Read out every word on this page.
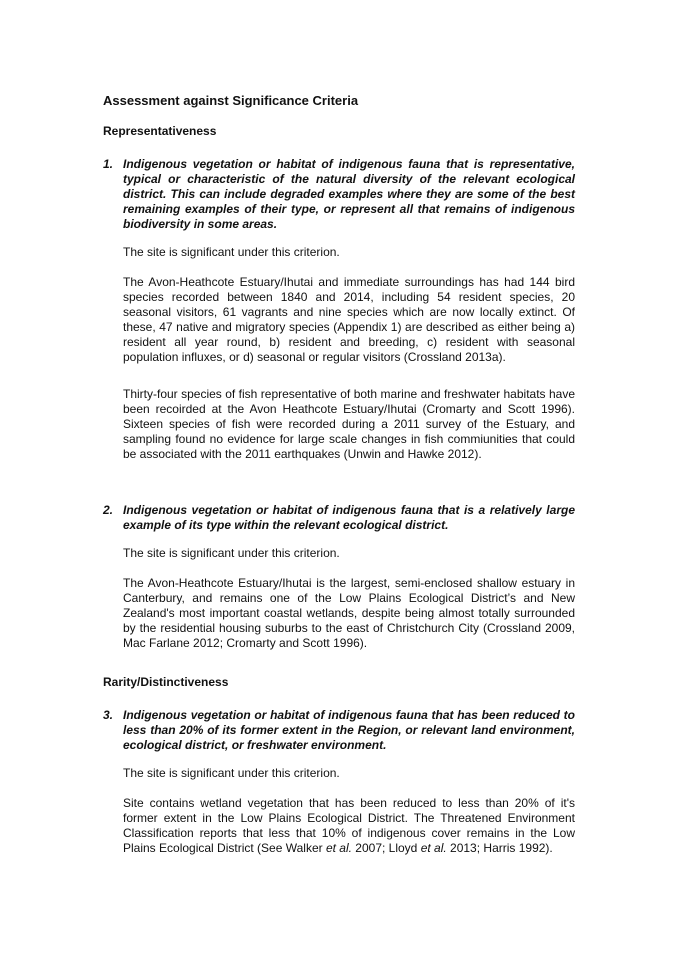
Assessment against Significance Criteria
Representativeness
1. Indigenous vegetation or habitat of indigenous fauna that is representative, typical or characteristic of the natural diversity of the relevant ecological district. This can include degraded examples where they are some of the best remaining examples of their type, or represent all that remains of indigenous biodiversity in some areas.

The site is significant under this criterion.

The Avon-Heathcote Estuary/Ihutai and immediate surroundings has had 144 bird species recorded between 1840 and 2014, including 54 resident species, 20 seasonal visitors, 61 vagrants and nine species which are now locally extinct. Of these, 47 native and migratory species (Appendix 1) are described as either being a) resident all year round, b) resident and breeding, c) resident with seasonal population influxes, or d) seasonal or regular visitors (Crossland 2013a).

Thirty-four species of fish representative of both marine and freshwater habitats have been recoirded at the Avon Heathcote Estuary/Ihutai (Cromarty and Scott 1996). Sixteen species of fish were recorded during a 2011 survey of the Estuary, and sampling found no evidence for large scale changes in fish commiunities that could be associated with the 2011 earthquakes (Unwin and Hawke 2012).

2. Indigenous vegetation or habitat of indigenous fauna that is a relatively large example of its type within the relevant ecological district.

The site is significant under this criterion.

The Avon-Heathcote Estuary/Ihutai is the largest, semi-enclosed shallow estuary in Canterbury, and remains one of the Low Plains Ecological District’s and New Zealand's most important coastal wetlands, despite being almost totally surrounded by the residential housing suburbs to the east of Christchurch City (Crossland 2009, Mac Farlane 2012; Cromarty and Scott 1996).

Rarity/Distinctiveness
3. Indigenous vegetation or habitat of indigenous fauna that has been reduced to less than 20% of its former extent in the Region, or relevant land environment, ecological district, or freshwater environment.

The site is significant under this criterion.

Site contains wetland vegetation that has been reduced to less than 20% of it's former extent in the Low Plains Ecological District. The Threatened Environment Classification reports that less that 10% of indigenous cover remains in the Low Plains Ecological District (See Walker et al. 2007; Lloyd et al. 2013; Harris 1992).
